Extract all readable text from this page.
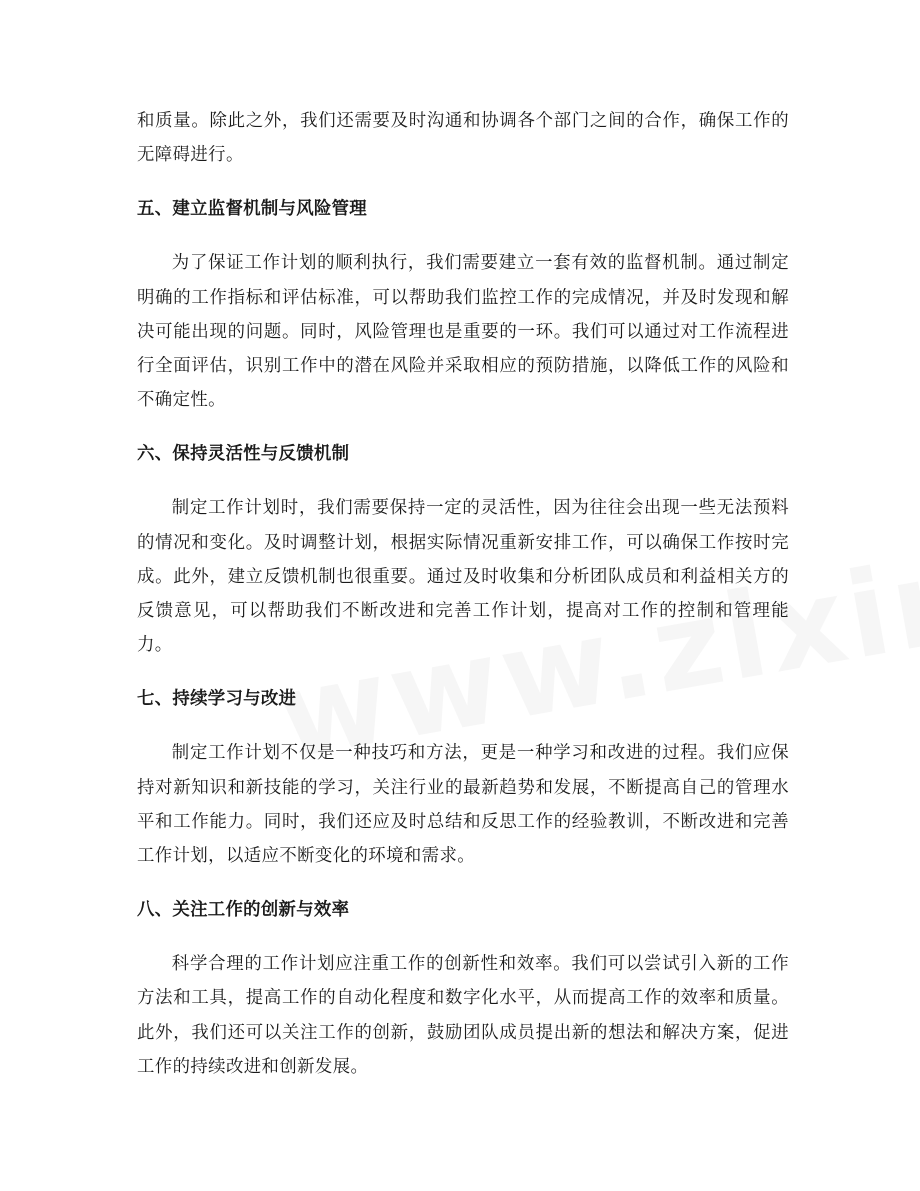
和质量。除此之外，我们还需要及时沟通和协调各个部门之间的合作，确保工作的无障碍进行。

五、建立监督机制与风险管理

为了保证工作计划的顺利执行，我们需要建立一套有效的监督机制。通过制定明确的工作指标和评估标准，可以帮助我们监控工作的完成情况，并及时发现和解决可能出现的问题。同时，风险管理也是重要的一环。我们可以通过对工作流程进行全面评估，识别工作中的潜在风险并采取相应的预防措施，以降低工作的风险和不确定性。

六、保持灵活性与反馈机制

制定工作计划时，我们需要保持一定的灵活性，因为往往会出现一些无法预料的情况和变化。及时调整计划，根据实际情况重新安排工作，可以确保工作按时完成。此外，建立反馈机制也很重要。通过及时收集和分析团队成员和利益相关方的反馈意见，可以帮助我们不断改进和完善工作计划，提高对工作的控制和管理能力。

七、持续学习与改进

制定工作计划不仅是一种技巧和方法，更是一种学习和改进的过程。我们应保持对新知识和新技能的学习，关注行业的最新趋势和发展，不断提高自己的管理水平和工作能力。同时，我们还应及时总结和反思工作的经验教训，不断改进和完善工作计划，以适应不断变化的环境和需求。

八、关注工作的创新与效率

科学合理的工作计划应注重工作的创新性和效率。我们可以尝试引入新的工作方法和工具，提高工作的自动化程度和数字化水平，从而提高工作的效率和质量。此外，我们还可以关注工作的创新，鼓励团队成员提出新的想法和解决方案，促进工作的持续改进和创新发展。
